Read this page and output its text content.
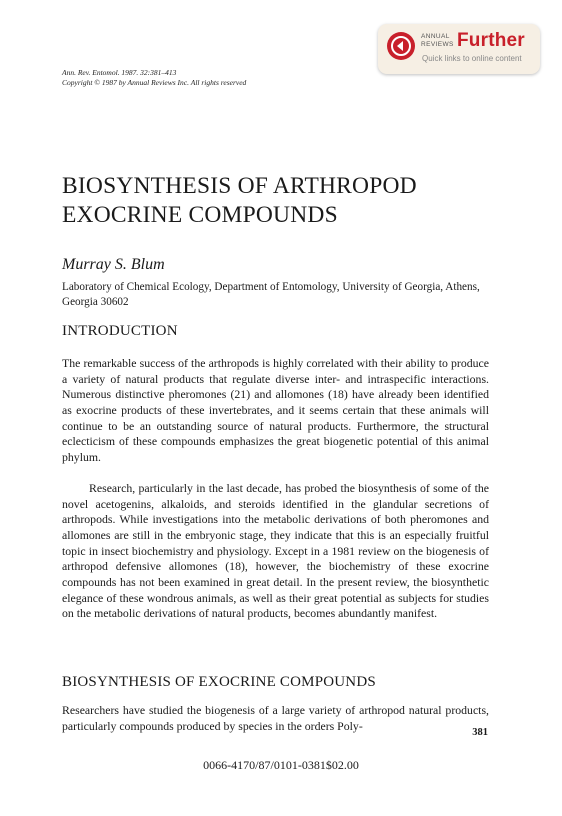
ANNUAL
REVIEWS Further
Quick links to online content
Ann. Rev. Entomol. 1987. 32:381–413
Copyright © 1987 by Annual Reviews Inc. All rights reserved
BIOSYNTHESIS OF ARTHROPOD EXOCRINE COMPOUNDS
Murray S. Blum
Laboratory of Chemical Ecology, Department of Entomology, University of Georgia, Athens, Georgia 30602
INTRODUCTION

The remarkable success of the arthropods is highly correlated with their ability to produce a variety of natural products that regulate diverse inter- and intraspecific interactions. Numerous distinctive pheromones (21) and allomones (18) have already been identified as exocrine products of these invertebrates, and it seems certain that these animals will continue to be an outstanding source of natural products. Furthermore, the structural eclecticism of these compounds emphasizes the great biogenetic potential of this animal phylum.

Research, particularly in the last decade, has probed the biosynthesis of some of the novel acetogenins, alkaloids, and steroids identified in the glandular secretions of arthropods. While investigations into the metabolic derivations of both pheromones and allomones are still in the embryonic stage, they indicate that this is an especially fruitful topic in insect biochemistry and physiology. Except in a 1981 review on the biogenesis of arthropod defensive allomones (18), however, the biochemistry of these exocrine compounds has not been examined in great detail. In the present review, the biosynthetic elegance of these wondrous animals, as well as their great potential as subjects for studies on the metabolic derivations of natural products, becomes abundantly manifest.

BIOSYNTHESIS OF EXOCRINE COMPOUNDS

Researchers have studied the biogenesis of a large variety of arthropod natural products, particularly compounds produced by species in the orders Poly-	381
0066-4170/87/0101-0381$02.00
